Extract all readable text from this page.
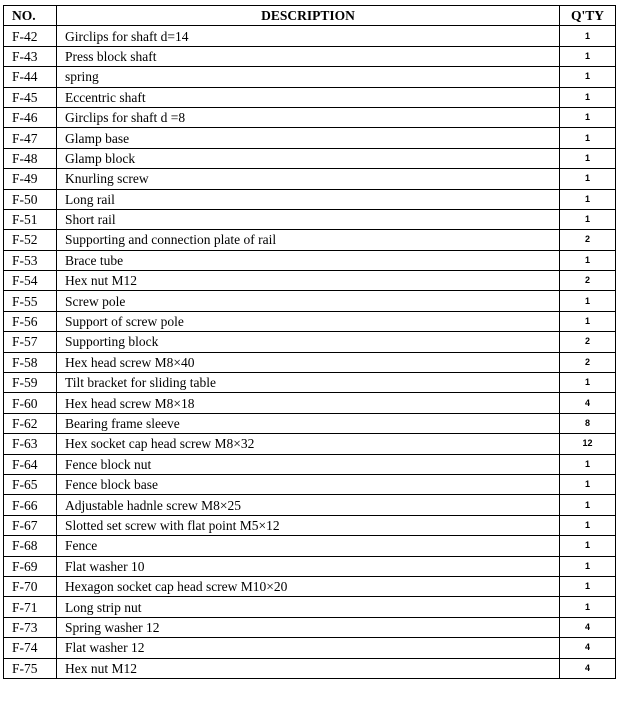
NO.	DESCRIPTION	Q'TY
F-42	Girclips for shaft d=14	1
F-43	Press block shaft	1
F-44	spring	1
F-45	Eccentric shaft	1
F-46	Girclips for shaft d =8	1
F-47	Glamp base	1
F-48	Glamp block	1
F-49	Knurling screw	1
F-50	Long rail	1
F-51	Short rail	1
F-52	Supporting and connection plate of rail	2
F-53	Brace tube	1
F-54	Hex nut M12	2
F-55	Screw pole	1
F-56	Support of screw pole	1
F-57	Supporting block	2
F-58	Hex head screw M8×40	2
F-59	Tilt bracket for sliding table	1
F-60	Hex head screw M8×18	4
F-62	Bearing frame sleeve	8
F-63	Hex socket cap head screw M8×32	12
F-64	Fence block nut	1
F-65	Fence block base	1
F-66	Adjustable hadnle screw M8×25	1
F-67	Slotted set screw with flat point M5×12	1
F-68	Fence	1
F-69	Flat washer 10	1
F-70	Hexagon socket cap head screw M10×20	1
F-71	Long strip nut	1
F-73	Spring washer 12	4
F-74	Flat washer 12	4
F-75	Hex nut M12	4
